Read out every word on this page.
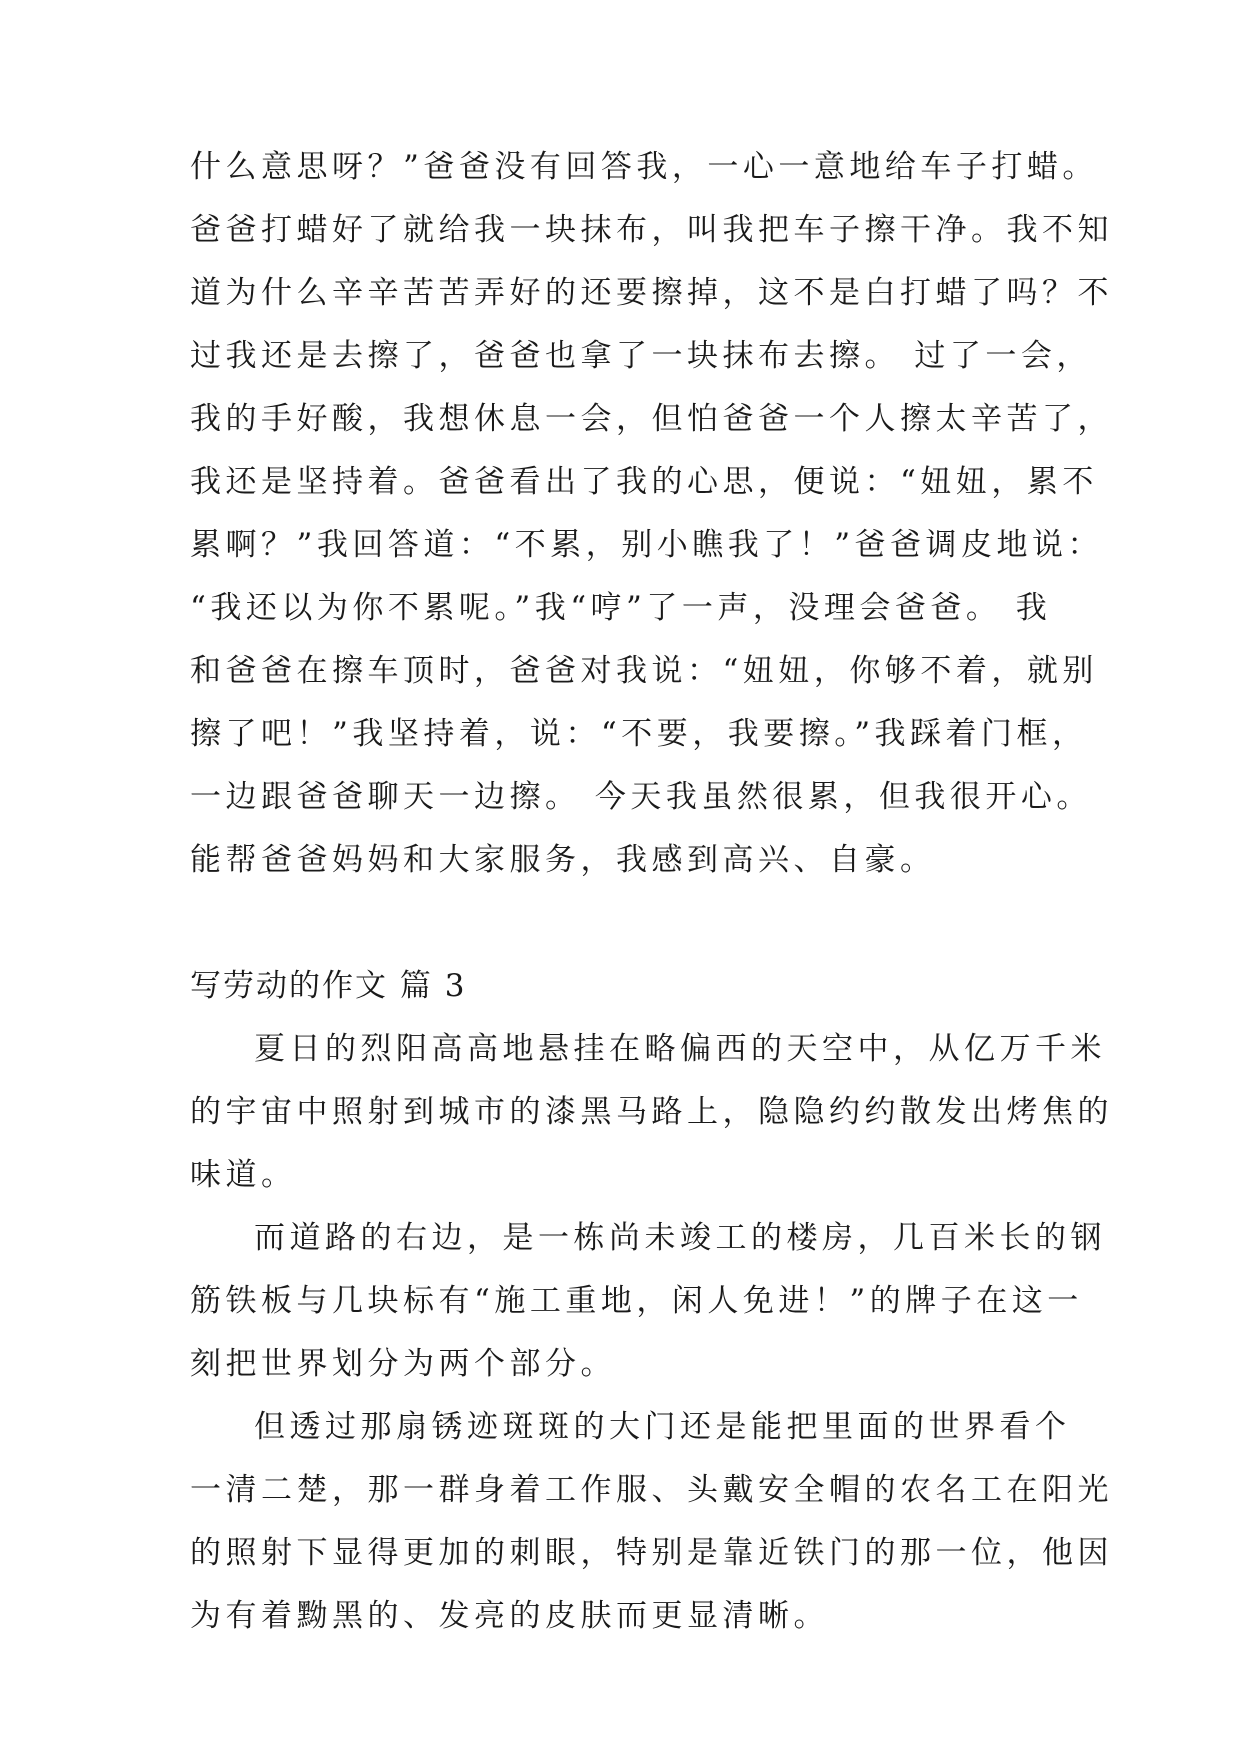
什么意思呀？”爸爸没有回答我，一心一意地给车子打蜡。
爸爸打蜡好了就给我一块抹布，叫我把车子擦干净。我不知
道为什么辛辛苦苦弄好的还要擦掉，这不是白打蜡了吗？不
过我还是去擦了，爸爸也拿了一块抹布去擦。 过了一会，
我的手好酸，我想休息一会，但怕爸爸一个人擦太辛苦了，
我还是坚持着。爸爸看出了我的心思，便说：“妞妞，累不
累啊？”我回答道：“不累，别小瞧我了！”爸爸调皮地说：
“我还以为你不累呢。”我“哼”了一声，没理会爸爸。 我
和爸爸在擦车顶时，爸爸对我说：“妞妞，你够不着，就别
擦了吧！”我坚持着，说：“不要，我要擦。”我踩着门框，
一边跟爸爸聊天一边擦。 今天我虽然很累，但我很开心。
能帮爸爸妈妈和大家服务，我感到高兴、自豪。
写劳动的作文 篇 3
夏日的烈阳高高地悬挂在略偏西的天空中，从亿万千米
的宇宙中照射到城市的漆黑马路上，隐隐约约散发出烤焦的
味道。
而道路的右边，是一栋尚未竣工的楼房，几百米长的钢
筋铁板与几块标有“施工重地，闲人免进！”的牌子在这一
刻把世界划分为两个部分。
但透过那扇锈迹斑斑的大门还是能把里面的世界看个
一清二楚，那一群身着工作服、头戴安全帽的农名工在阳光
的照射下显得更加的刺眼，特别是靠近铁门的那一位，他因
为有着黝黑的、发亮的皮肤而更显清晰。
